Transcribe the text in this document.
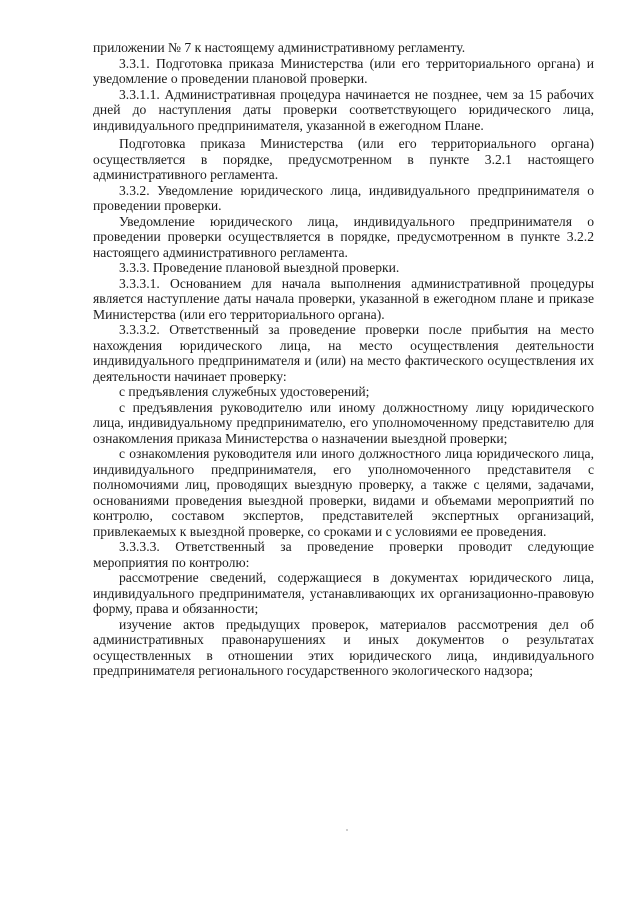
приложении № 7 к настоящему административному регламенту.

3.3.1. Подготовка приказа Министерства (или его территориального органа) и уведомление о проведении плановой проверки.

3.3.1.1. Административная процедура начинается не позднее, чем за 15 рабочих дней до наступления даты проверки соответствующего юридического лица, индивидуального предпринимателя, указанной в ежегодном Плане.

Подготовка приказа Министерства (или его территориального органа) осуществляется в порядке, предусмотренном в пункте 3.2.1 настоящего административного регламента.

3.3.2. Уведомление юридического лица, индивидуального предпринимателя о проведении проверки.

Уведомление юридического лица, индивидуального предпринимателя о проведении проверки осуществляется в порядке, предусмотренном в пункте 3.2.2 настоящего административного регламента.

3.3.3. Проведение плановой выездной проверки.

3.3.3.1. Основанием для начала выполнения административной процедуры является наступление даты начала проверки, указанной в ежегодном плане и приказе Министерства (или его территориального органа).

3.3.3.2. Ответственный за проведение проверки после прибытия на место нахождения юридического лица, на место осуществления деятельности индивидуального предпринимателя и (или) на место фактического осуществления их деятельности начинает проверку:

с предъявления служебных удостоверений;

с предъявления руководителю или иному должностному лицу юридического лица, индивидуальному предпринимателю, его уполномоченному представителю для ознакомления приказа Министерства о назначении выездной проверки;

с ознакомления руководителя или иного должностного лица юридического лица, индивидуального предпринимателя, его уполномоченного представителя с полномочиями лиц, проводящих выездную проверку, а также с целями, задачами, основаниями проведения выездной проверки, видами и объемами мероприятий по контролю, составом экспертов, представителей экспертных организаций, привлекаемых к выездной проверке, со сроками и с условиями ее проведения.

3.3.3.3. Ответственный за проведение проверки проводит следующие мероприятия по контролю:

рассмотрение сведений, содержащиеся в документах юридического лица, индивидуального предпринимателя, устанавливающих их организационно-правовую форму, права и обязанности;

изучение актов предыдущих проверок, материалов рассмотрения дел об административных правонарушениях и иных документов о результатах осуществленных в отношении этих юридического лица, индивидуального предпринимателя регионального государственного экологического надзора;
